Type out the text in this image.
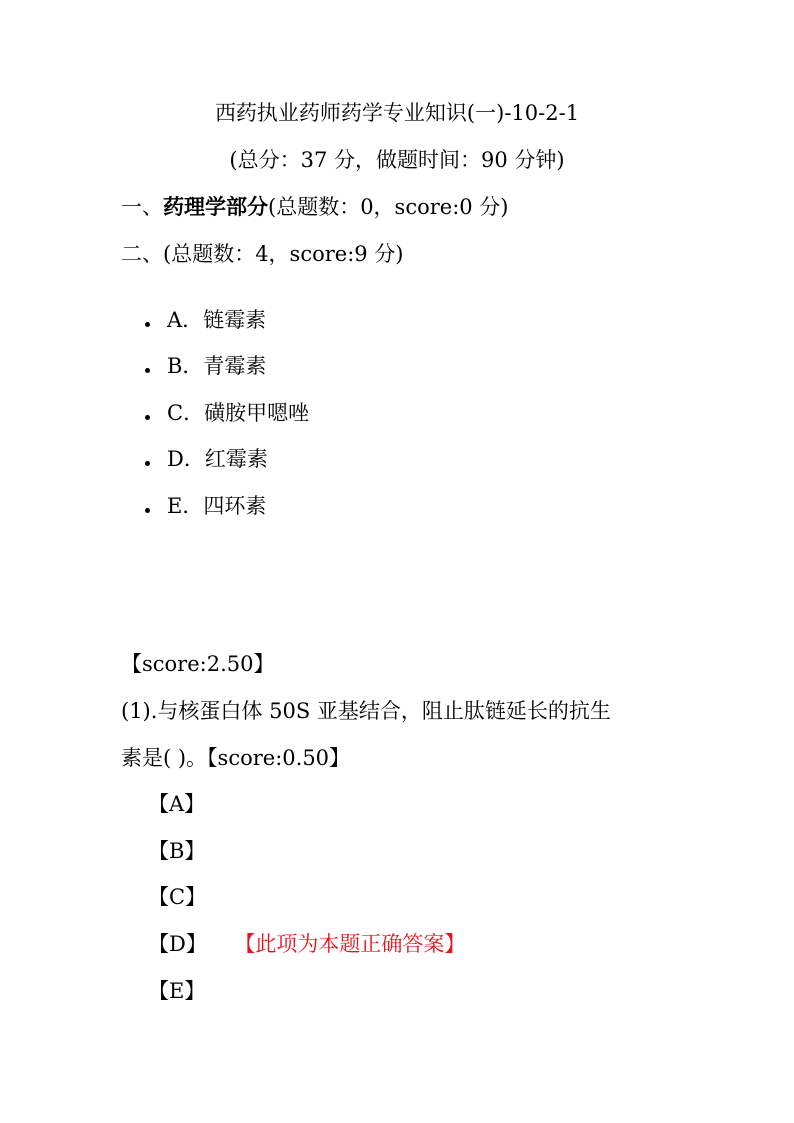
西药执业药师药学专业知识(一)-10-2-1
(总分：37 分，做题时间：90 分钟)
一、药理学部分(总题数：0，score:0 分)
二、(总题数：4，score:9 分)
A．链霉素
B．青霉素
C．磺胺甲嗯唑
D．红霉素
E．四环素
【score:2.50】
(1).与核蛋白体 50S 亚基结合，阻止肽链延长的抗生
素是( )。【score:0.50】
【A】
【B】
【C】
【D】 【此项为本题正确答案】
【E】
